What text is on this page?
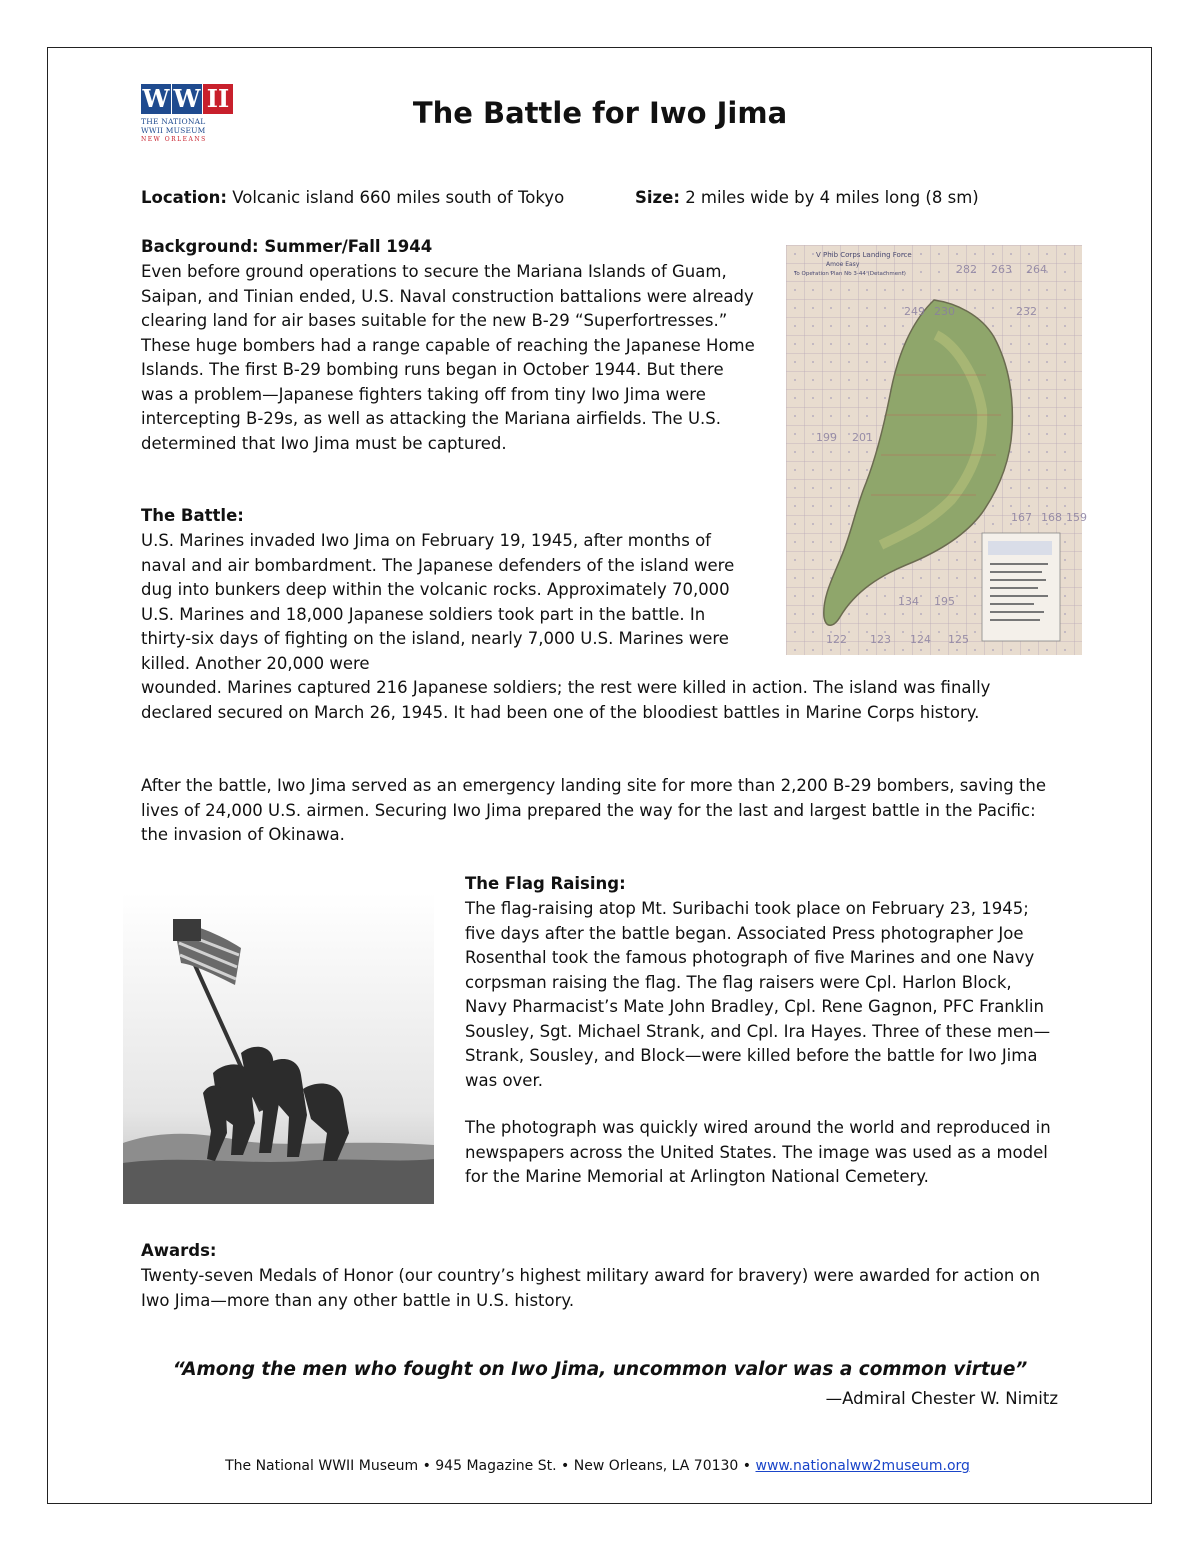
W W II
THE NATIONAL
WWII MUSEUM
NEW ORLEANS
The Battle for Iwo Jima
Location: Volcanic island 660 miles south of Tokyo	Size: 2 miles wide by 4 miles long (8 sm)
Background: Summer/Fall 1944
Even before ground operations to secure the Mariana Islands of Guam, Saipan, and Tinian ended, U.S. Naval construction battalions were already clearing land for air bases suitable for the new B-29 “Superfortresses.” These huge bombers had a range capable of reaching the Japanese Home Islands. The first B-29 bombing runs began in October 1944. But there was a problem—Japanese fighters taking off from tiny Iwo Jima were intercepting B-29s, as well as attacking the Mariana airfields. The U.S. determined that Iwo Jima must be captured.
V Phib Corps Landing Force
Amoe Easy
To Operation Plan No 3-44 (Detachment)	282 263 264
249 230	232
199 201
167 168 159
134 195
122 123 124 125
The Battle:
U.S. Marines invaded Iwo Jima on February 19, 1945, after months of naval and air bombardment. The Japanese defenders of the island were dug into bunkers deep within the volcanic rocks. Approximately 70,000 U.S. Marines and 18,000 Japanese soldiers took part in the battle. In thirty-six days of fighting on the island, nearly 7,000 U.S. Marines were killed. Another 20,000 were
wounded. Marines captured 216 Japanese soldiers; the rest were killed in action. The island was finally declared secured on March 26, 1945. It had been one of the bloodiest battles in Marine Corps history.
After the battle, Iwo Jima served as an emergency landing site for more than 2,200 B-29 bombers, saving the lives of 24,000 U.S. airmen. Securing Iwo Jima prepared the way for the last and largest battle in the Pacific: the invasion of Okinawa.
The Flag Raising:
The flag-raising atop Mt. Suribachi took place on February 23, 1945; five days after the battle began. Associated Press photographer Joe Rosenthal took the famous photograph of five Marines and one Navy corpsman raising the flag. The flag raisers were Cpl. Harlon Block, Navy Pharmacist’s Mate John Bradley, Cpl. Rene Gagnon, PFC Franklin Sousley, Sgt. Michael Strank, and Cpl. Ira Hayes. Three of these men—Strank, Sousley, and Block—were killed before the battle for Iwo Jima was over.
The photograph was quickly wired around the world and reproduced in newspapers across the United States. The image was used as a model for the Marine Memorial at Arlington National Cemetery.
Awards:
Twenty-seven Medals of Honor (our country’s highest military award for bravery) were awarded for action on Iwo Jima—more than any other battle in U.S. history.
“Among the men who fought on Iwo Jima, uncommon valor was a common virtue”
—Admiral Chester W. Nimitz
The National WWII Museum • 945 Magazine St. • New Orleans, LA 70130 • www.nationalww2museum.org
